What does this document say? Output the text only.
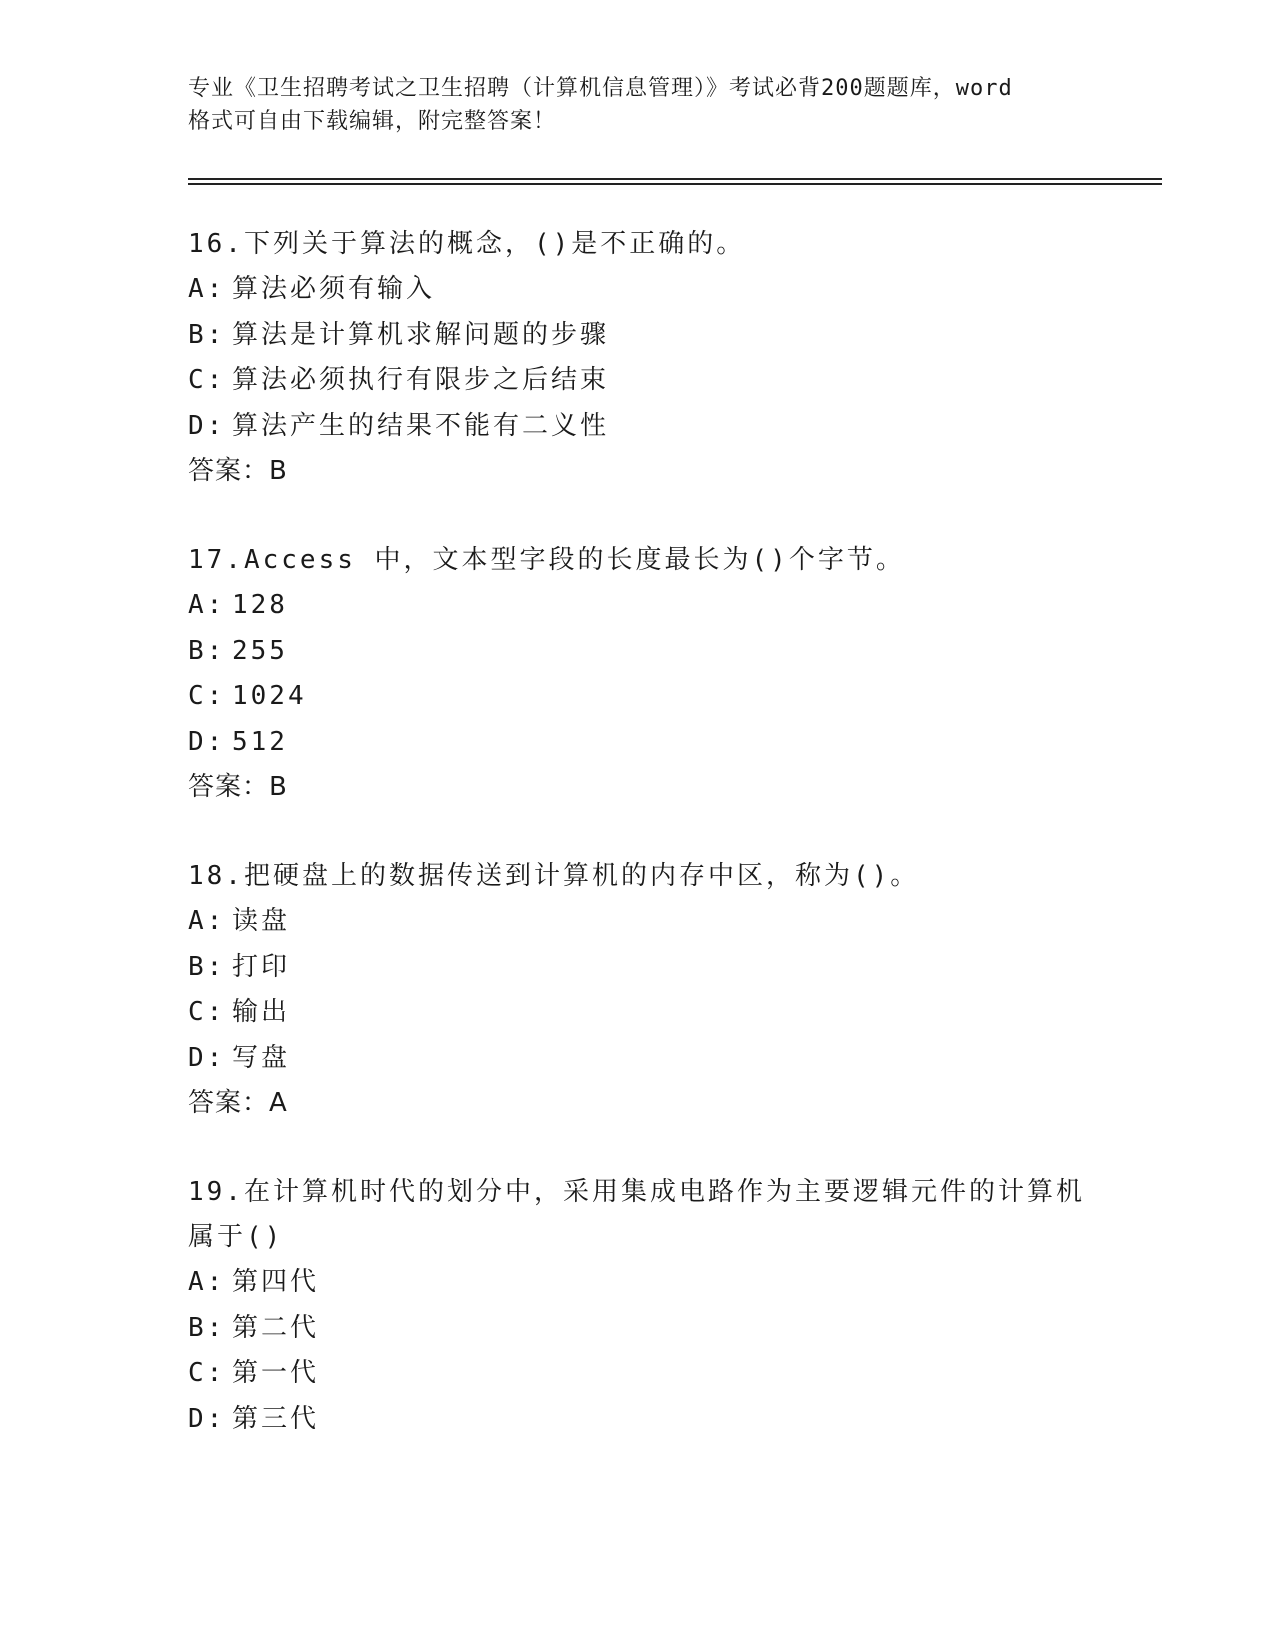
专业《卫生招聘考试之卫生招聘（计算机信息管理）》考试必背200题题库，word
格式可自由下载编辑，附完整答案！
16.下列关于算法的概念，()是不正确的。
A: 算法必须有输入
B: 算法是计算机求解问题的步骤
C: 算法必须执行有限步之后结束
D: 算法产生的结果不能有二义性
答案：B
17.Access 中，文本型字段的长度最长为()个字节。
A: 128
B: 255
C: 1024
D: 512
答案：B
18.把硬盘上的数据传送到计算机的内存中区，称为()。
A: 读盘
B: 打印
C: 输出
D: 写盘
答案：A
19.在计算机时代的划分中，采用集成电路作为主要逻辑元件的计算机属于()
A: 第四代
B: 第二代
C: 第一代
D: 第三代
